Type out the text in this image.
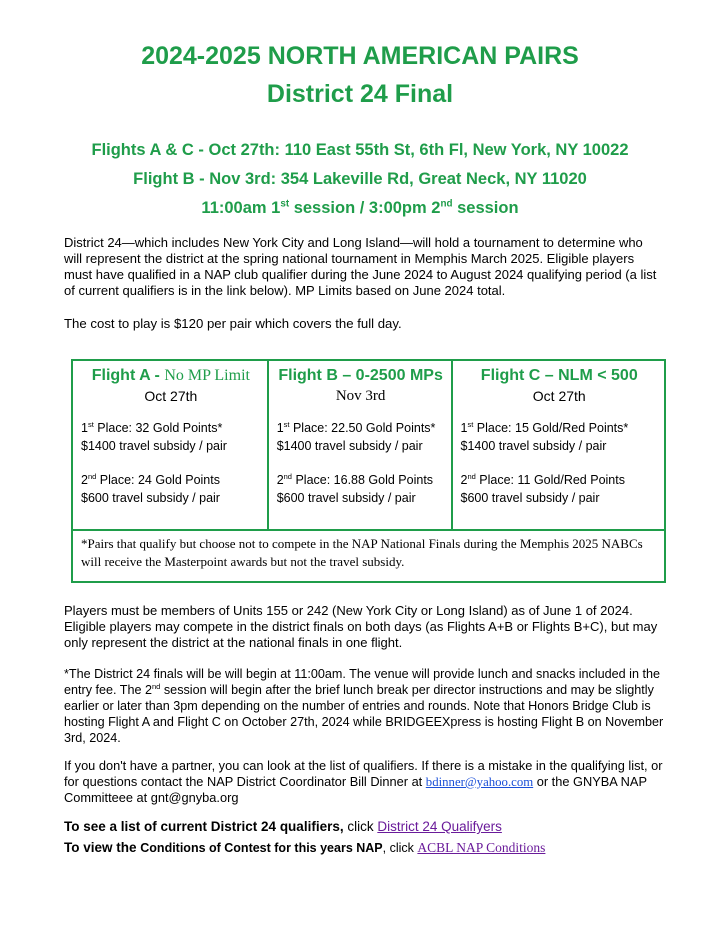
2024-2025 NORTH AMERICAN PAIRS
District 24 Final
Flights A & C - Oct 27th: 110 East 55th St, 6th Fl, New York, NY 10022
Flight B - Nov 3rd: 354 Lakeville Rd, Great Neck, NY 11020
11:00am 1st session / 3:00pm 2nd session
District 24—which includes New York City and Long Island—will hold a tournament to determine who will represent the district at the spring national tournament in Memphis March 2025. Eligible players must have qualified in a NAP club qualifier during the June 2024 to August 2024 qualifying period (a list of current qualifiers is in the link below). MP Limits based on June 2024 total.
The cost to play is $120 per pair which covers the full day.
Flight A - No MP Limit
Oct 27th
1st Place: 32 Gold Points*
$1400 travel subsidy / pair
2nd Place: 24 Gold Points
$600 travel subsidy / pair

Flight B – 0-2500 MPs
Nov 3rd
1st Place: 22.50 Gold Points*
$1400 travel subsidy / pair
2nd Place: 16.88 Gold Points
$600 travel subsidy / pair

Flight C – NLM < 500
Oct 27th
1st Place: 15 Gold/Red Points*
$1400 travel subsidy / pair
2nd Place: 11 Gold/Red Points
$600 travel subsidy / pair

*Pairs that qualify but choose not to compete in the NAP National Finals during the Memphis 2025 NABCs will receive the Masterpoint awards but not the travel subsidy.
Players must be members of Units 155 or 242 (New York City or Long Island) as of June 1 of 2024. Eligible players may compete in the district finals on both days (as Flights A+B or Flights B+C), but may only represent the district at the national finals in one flight.
*The District 24 finals will be will begin at 11:00am. The venue will provide lunch and snacks included in the entry fee. The 2nd session will begin after the brief lunch break per director instructions and may be slightly earlier or later than 3pm depending on the number of entries and rounds. Note that Honors Bridge Club is hosting Flight A and Flight C on October 27th, 2024 while BRIDGEEXpress is hosting Flight B on November 3rd, 2024.
If you don't have a partner, you can look at the list of qualifiers. If there is a mistake in the qualifying list, or for questions contact the NAP District Coordinator Bill Dinner at bdinner@yahoo.com or the GNYBA NAP Committeee at gnt@gnyba.org
To see a list of current District 24 qualifiers, click District 24 Qualifyers
To view the Conditions of Contest for this years NAP, click ACBL NAP Conditions
